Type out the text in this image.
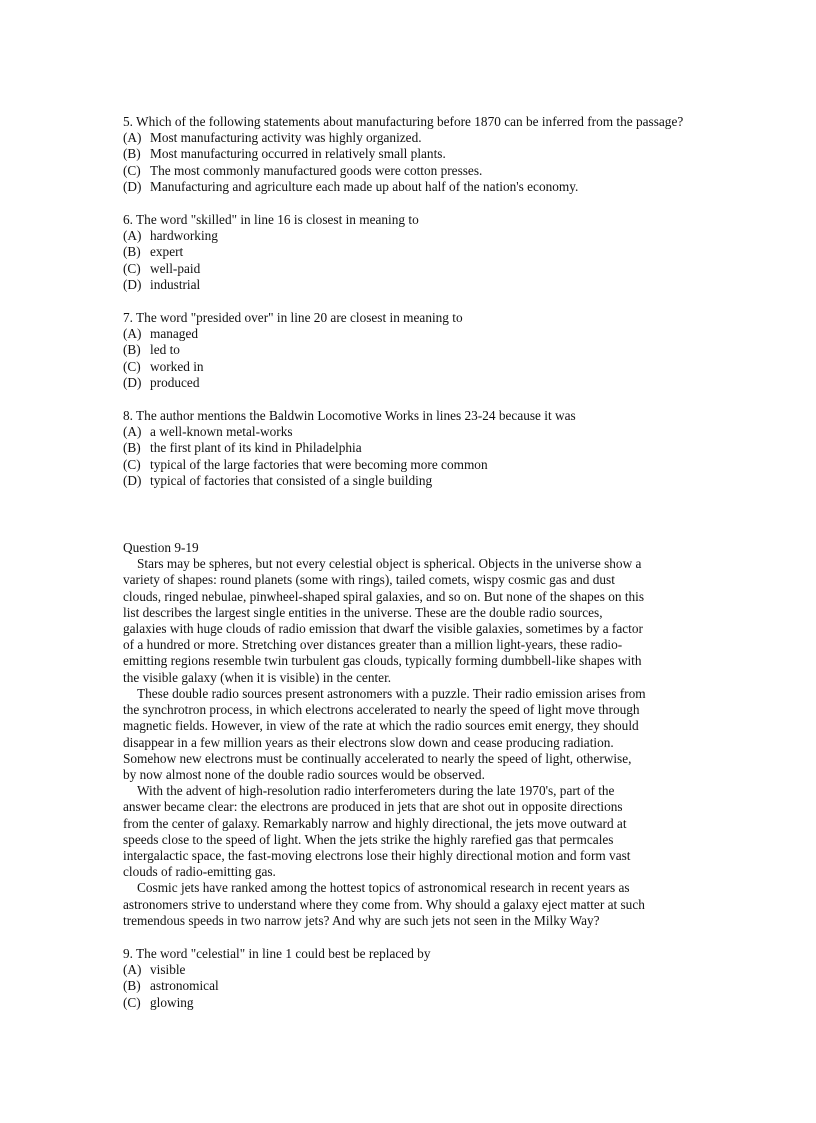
5. Which of the following statements about manufacturing before 1870 can be inferred from the passage?
(A) Most manufacturing activity was highly organized.
(B) Most manufacturing occurred in relatively small plants.
(C) The most commonly manufactured goods were cotton presses.
(D) Manufacturing and agriculture each made up about half of the nation's economy.
6. The word "skilled" in line 16 is closest in meaning to
(A) hardworking
(B) expert
(C) well-paid
(D) industrial
7. The word "presided over" in line 20 are closest in meaning to
(A) managed
(B) led to
(C) worked in
(D) produced
8. The author mentions the Baldwin Locomotive Works in lines 23-24 because it was
(A) a well-known metal-works
(B) the first plant of its kind in Philadelphia
(C) typical of the large factories that were becoming more common
(D) typical of factories that consisted of a single building
Question 9-19
Stars may be spheres, but not every celestial object is spherical. Objects in the universe show a
variety of shapes: round planets (some with rings), tailed comets, wispy cosmic gas and dust
clouds, ringed nebulae, pinwheel-shaped spiral galaxies, and so on. But none of the shapes on this
list describes the largest single entities in the universe. These are the double radio sources,
galaxies with huge clouds of radio emission that dwarf the visible galaxies, sometimes by a factor
of a hundred or more. Stretching over distances greater than a million light-years, these radio-
emitting regions resemble twin turbulent gas clouds, typically forming dumbbell-like shapes with
the visible galaxy (when it is visible) in the center.
These double radio sources present astronomers with a puzzle. Their radio emission arises from
the synchrotron process, in which electrons accelerated to nearly the speed of light move through
magnetic fields. However, in view of the rate at which the radio sources emit energy, they should
disappear in a few million years as their electrons slow down and cease producing radiation.
Somehow new electrons must be continually accelerated to nearly the speed of light, otherwise,
by now almost none of the double radio sources would be observed.
With the advent of high-resolution radio interferometers during the late 1970's, part of the
answer became clear: the electrons are produced in jets that are shot out in opposite directions
from the center of galaxy. Remarkably narrow and highly directional, the jets move outward at
speeds close to the speed of light. When the jets strike the highly rarefied gas that permcales
intergalactic space, the fast-moving electrons lose their highly directional motion and form vast
clouds of radio-emitting gas.
Cosmic jets have ranked among the hottest topics of astronomical research in recent years as
astronomers strive to understand where they come from. Why should a galaxy eject matter at such
tremendous speeds in two narrow jets? And why are such jets not seen in the Milky Way?
9. The word "celestial" in line 1 could best be replaced by
(A) visible
(B) astronomical
(C) glowing
